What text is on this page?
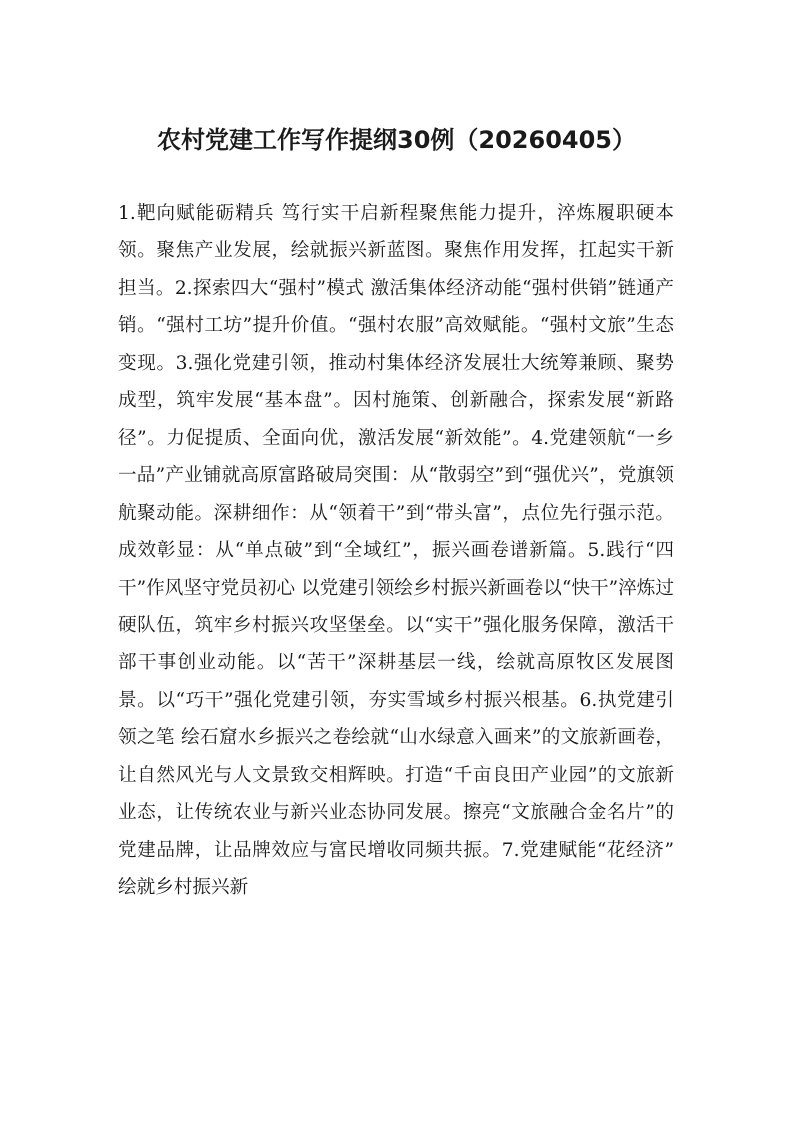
农村党建工作写作提纲30例（20260405）

1.靶向赋能砺精兵 笃行实干启新程聚焦能力提升，淬炼履职硬本领。聚焦产业发展，绘就振兴新蓝图。聚焦作用发挥，扛起实干新担当。2.探索四大“强村”模式 激活集体经济动能“强村供销”链通产销。“强村工坊”提升价值。“强村农服”高效赋能。“强村文旅”生态变现。3.强化党建引领，推动村集体经济发展壮大统筹兼顾、聚势成型，筑牢发展“基本盘”。因村施策、创新融合，探索发展“新路径”。力促提质、全面向优，激活发展“新效能”。4.党建领航“一乡一品”产业铺就高原富路破局突围：从“散弱空”到“强优兴”，党旗领航聚动能。深耕细作：从“领着干”到“带头富”，点位先行强示范。成效彰显：从“单点破”到“全域红”，振兴画卷谱新篇。5.践行“四干”作风坚守党员初心 以党建引领绘乡村振兴新画卷以“快干”淬炼过硬队伍，筑牢乡村振兴攻坚堡垒。以“实干”强化服务保障，激活干部干事创业动能。以“苦干”深耕基层一线，绘就高原牧区发展图景。以“巧干”强化党建引领，夯实雪域乡村振兴根基。6.执党建引领之笔 绘石窟水乡振兴之卷绘就“山水绿意入画来”的文旅新画卷，让自然风光与人文景致交相辉映。打造“千亩良田产业园”的文旅新业态，让传统农业与新兴业态协同发展。擦亮“文旅融合金名片”的党建品牌，让品牌效应与富民增收同频共振。7.党建赋能“花经济” 绘就乡村振兴新
